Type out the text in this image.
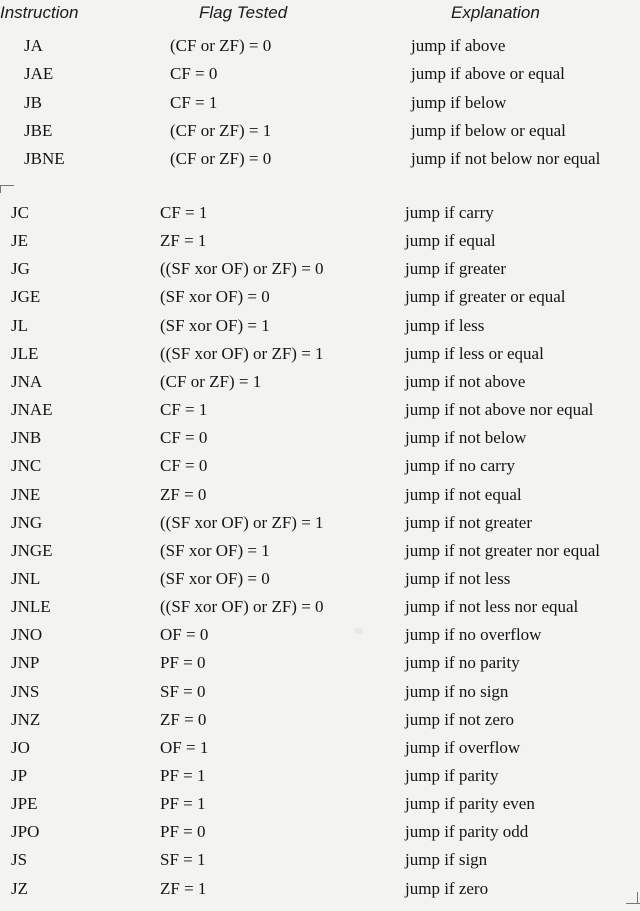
Instruction	Flag Tested	Explanation
JA	(CF or ZF) = 0	jump if above
JAE	CF = 0	jump if above or equal
JB	CF = 1	jump if below
JBE	(CF or ZF) = 1	jump if below or equal
JBNE	(CF or ZF) = 0	jump if not below nor equal
JC	CF = 1	jump if carry
JE	ZF = 1	jump if equal
JG	((SF xor OF) or ZF) = 0	jump if greater
JGE	(SF xor OF) = 0	jump if greater or equal
JL	(SF xor OF) = 1	jump if less
JLE	((SF xor OF) or ZF) = 1	jump if less or equal
JNA	(CF or ZF) = 1	jump if not above
JNAE	CF = 1	jump if not above nor equal
JNB	CF = 0	jump if not below
JNC	CF = 0	jump if no carry
JNE	ZF = 0	jump if not equal
JNG	((SF xor OF) or ZF) = 1	jump if not greater
JNGE	(SF xor OF) = 1	jump if not greater nor equal
JNL	(SF xor OF) = 0	jump if not less
JNLE	((SF xor OF) or ZF) = 0	jump if not less nor equal
JNO	OF = 0	jump if no overflow
JNP	PF = 0	jump if no parity
JNS	SF = 0	jump if no sign
JNZ	ZF = 0	jump if not zero
JO	OF = 1	jump if overflow
JP	PF = 1	jump if parity
JPE	PF = 1	jump if parity even
JPO	PF = 0	jump if parity odd
JS	SF = 1	jump if sign
JZ	ZF = 1	jump if zero
